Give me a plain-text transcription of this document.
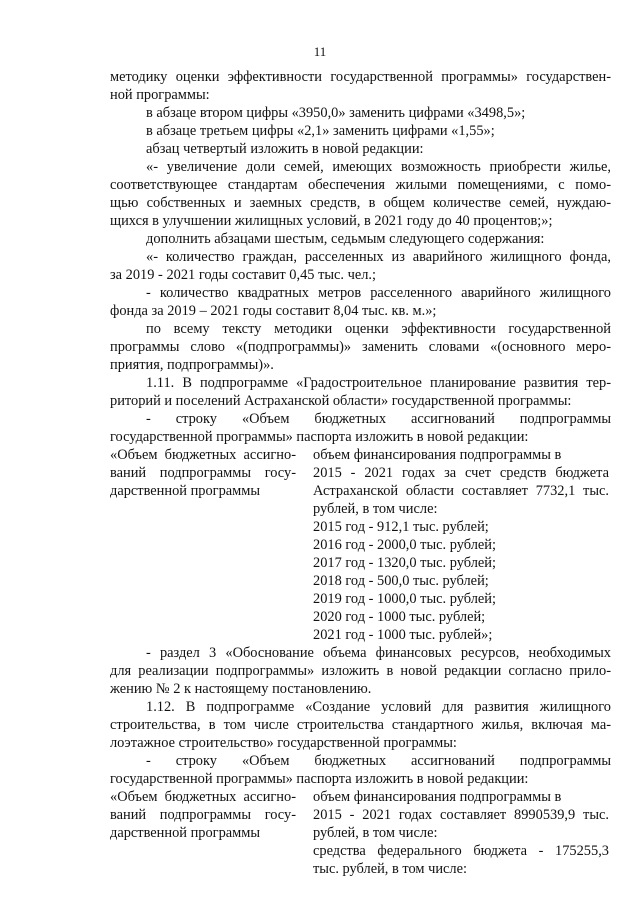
11
методику оценки эффективности государственной программы» государствен-
ной программы:
в абзаце втором цифры «3950,0» заменить цифрами «3498,5»;
в абзаце третьем цифры «2,1» заменить цифрами «1,55»;
абзац четвертый изложить в новой редакции:
«- увеличение доли семей, имеющих возможность приобрести жилье,
соответствующее стандартам обеспечения жилыми помещениями, с помо-
щью собственных и заемных средств, в общем количестве семей, нуждаю-
щихся в улучшении жилищных условий, в 2021 году до 40 процентов;»;
дополнить абзацами шестым, седьмым следующего содержания:
«- количество граждан, расселенных из аварийного жилищного фонда,
за 2019 - 2021 годы составит 0,45 тыс. чел.;
- количество квадратных метров расселенного аварийного жилищного
фонда за 2019 – 2021 годы составит 8,04 тыс. кв. м.»;
по всему тексту методики оценки эффективности государственной
программы слово «(подпрограммы)» заменить словами «(основного меро-
приятия, подпрограммы)».
1.11. В подпрограмме «Градостроительное планирование развития тер-
риторий и поселений Астраханской области» государственной программы:
- строку «Объем бюджетных ассигнований подпрограммы
государственной программы» паспорта изложить в новой редакции:
«Объем бюджетных ассигно-
ваний подпрограммы госу-
дарственной программы
объем финансирования подпрограммы в
2015 - 2021 годах за счет средств бюджета
Астраханской области составляет 7732,1 тыс.
рублей, в том числе:
2015 год - 912,1 тыс. рублей;
2016 год - 2000,0 тыс. рублей;
2017 год - 1320,0 тыс. рублей;
2018 год - 500,0 тыс. рублей;
2019 год - 1000,0 тыс. рублей;
2020 год - 1000 тыс. рублей;
2021 год - 1000 тыс. рублей»;
- раздел 3 «Обоснование объема финансовых ресурсов, необходимых
для реализации подпрограммы» изложить в новой редакции согласно прило-
жению № 2 к настоящему постановлению.
1.12. В подпрограмме «Создание условий для развития жилищного
строительства, в том числе строительства стандартного жилья, включая ма-
лоэтажное строительство» государственной программы:
- строку «Объем бюджетных ассигнований подпрограммы
государственной программы» паспорта изложить в новой редакции:
«Объем бюджетных ассигно-
ваний подпрограммы госу-
дарственной программы
объем финансирования подпрограммы в
2015 - 2021 годах составляет 8990539,9 тыс.
рублей, в том числе:
средства федерального бюджета - 175255,3
тыс. рублей, в том числе:
